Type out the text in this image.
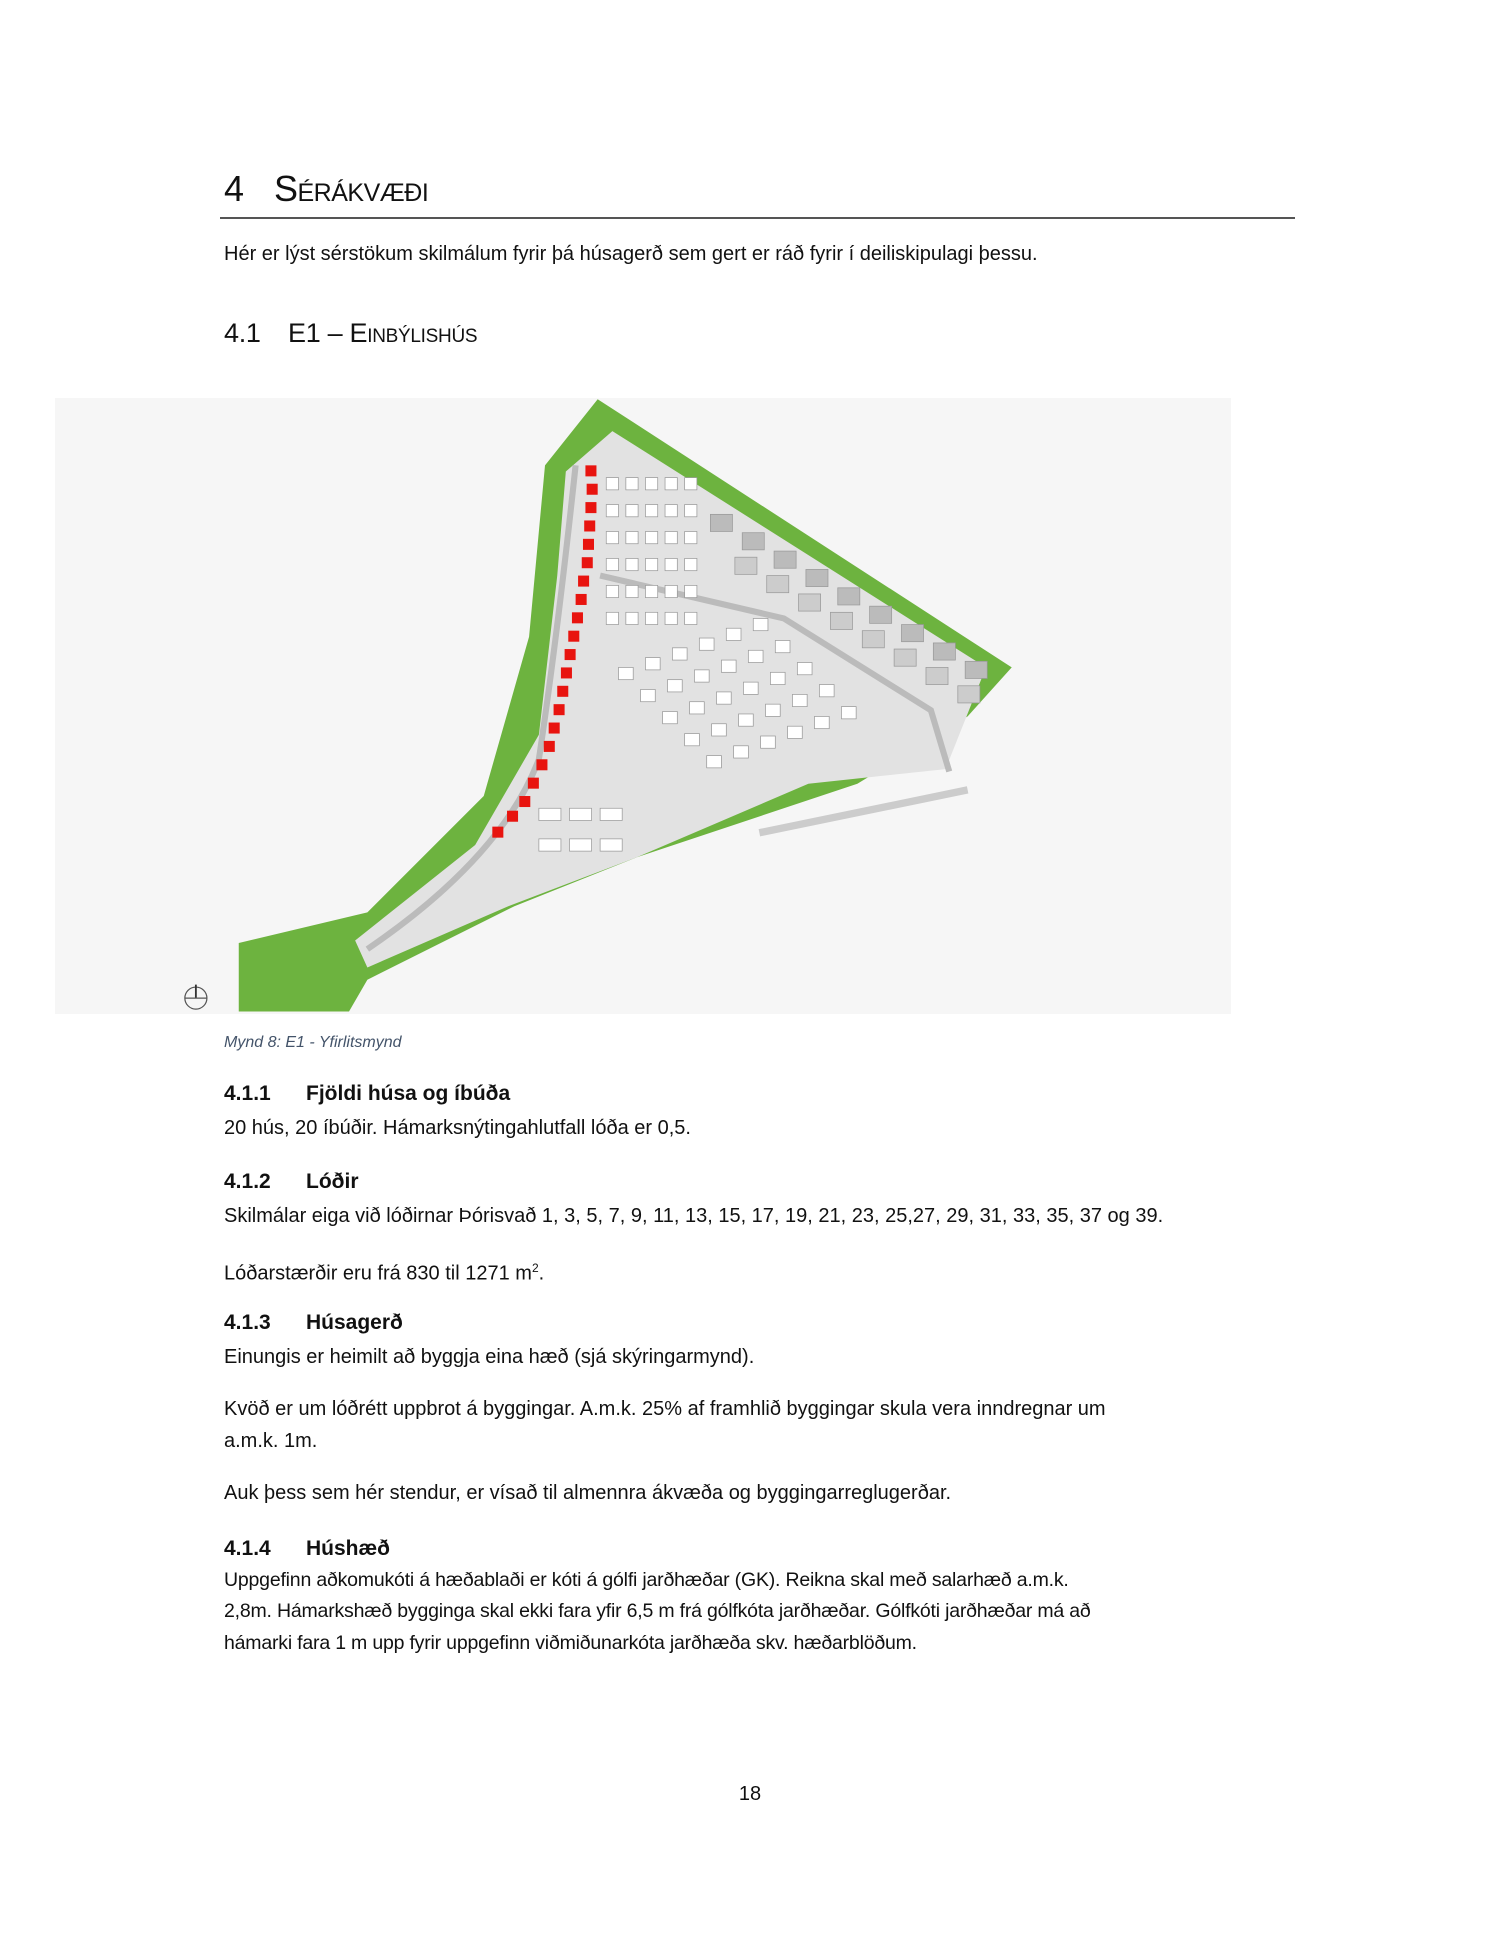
4 Sérákvæði
Hér er lýst sérstökum skilmálum fyrir þá húsagerð sem gert er ráð fyrir í deiliskipulagi þessu.
4.1 E1 – Einbýlishús
Mynd 8: E1 - Yfirlitsmynd
4.1.1 Fjöldi húsa og íbúða
20 hús, 20 íbúðir. Hámarksnýtingahlutfall lóða er 0,5.
4.1.2 Lóðir
Skilmálar eiga við lóðirnar Þórisvað 1, 3, 5, 7, 9, 11, 13, 15, 17, 19, 21, 23, 25,27, 29, 31, 33, 35, 37 og 39.
Lóðarstærðir eru frá 830 til 1271 $m^2$.
4.1.3 Húsagerð
Einungis er heimilt að byggja eina hæð (sjá skýringarmynd).
Kvöð er um lóðrétt uppbrot á byggingar. A.m.k. 25% af framhlið byggingar skula vera inndregnar um
a.m.k. 1m.
Auk þess sem hér stendur, er vísað til almennra ákvæða og byggingarreglugerðar.
4.1.4 Húshæð
Uppgefinn aðkomukóti á hæðablaði er kóti á gólfi jarðhæðar (GK). Reikna skal með salarhæð a.m.k.
2,8m. Hámarkshæð bygginga skal ekki fara yfir 6,5 m frá gólfkóta jarðhæðar. Gólfkóti jarðhæðar má að
hámarki fara 1 m upp fyrir uppgefinn viðmiðunarkóta jarðhæða skv. hæðarblöðum.
18
